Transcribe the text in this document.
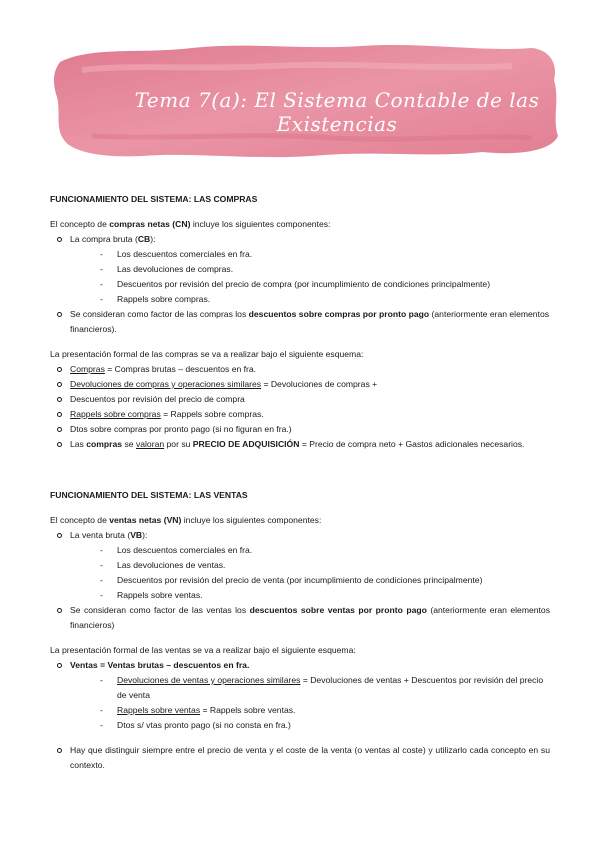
Tema 7(a): El Sistema Contable de las Existencias

FUNCIONAMIENTO DEL SISTEMA: LAS COMPRAS

El concepto de compras netas (CN) incluye los siguientes componentes:

La compra bruta (CB):
- Los descuentos comerciales en fra.
- Las devoluciones de compras.
- Descuentos por revisión del precio de compra (por incumplimiento de condiciones principalmente)
- Rappels sobre compras.
Se consideran como factor de las compras los descuentos sobre compras por pronto pago (anteriormente eran elementos financieros).

La presentación formal de las compras se va a realizar bajo el siguiente esquema:

Compras = Compras brutas – descuentos en fra.
Devoluciones de compras y operaciones similares = Devoluciones de compras +
Descuentos por revisión del precio de compra
Rappels sobre compras = Rappels sobre compras.
Dtos sobre compras por pronto pago (si no figuran en fra.)
Las compras se valoran por su PRECIO DE ADQUISICIÓN = Precio de compra neto + Gastos adicionales necesarios.

FUNCIONAMIENTO DEL SISTEMA: LAS VENTAS

El concepto de ventas netas (VN) incluye los siguientes componentes:

La venta bruta (VB):
- Los descuentos comerciales en fra.
- Las devoluciones de ventas.
- Descuentos por revisión del precio de venta (por incumplimiento de condiciones principalmente)
- Rappels sobre ventas.
Se consideran como factor de las ventas los descuentos sobre ventas por pronto pago (anteriormente eran elementos financieros)

La presentación formal de las ventas se va a realizar bajo el siguiente esquema:

Ventas = Ventas brutas – descuentos en fra.
- Devoluciones de ventas y operaciones similares = Devoluciones de ventas + Descuentos por revisión del precio de venta
- Rappels sobre ventas = Rappels sobre ventas.
- Dtos s/ vtas pronto pago (si no consta en fra.)
Hay que distinguir siempre entre el precio de venta y el coste de la venta (o ventas al coste) y utilizarlo cada concepto en su contexto.
